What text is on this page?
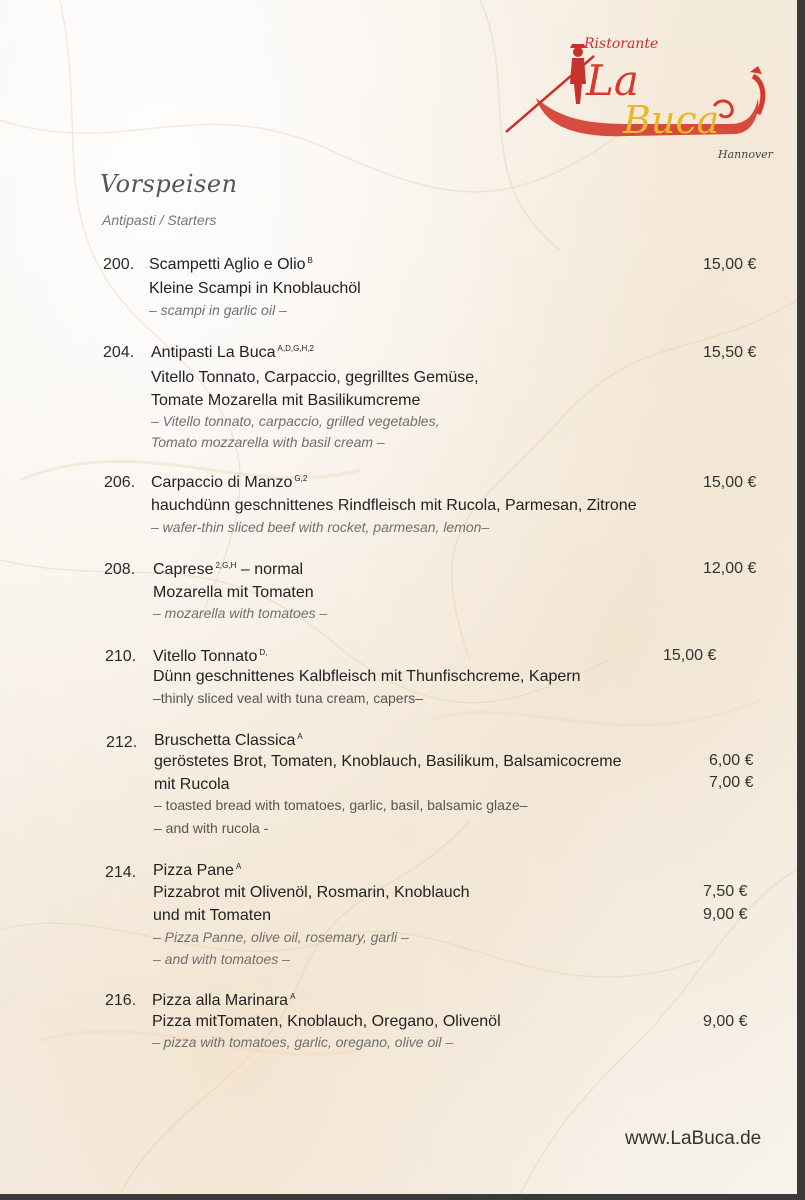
Ristorante
La
Buca
Hannover
Vorspeisen
Antipasti / Starters
200. Scampetti Aglio e Olio $^B$
Kleine Scampi in Knoblauchöl
– scampi in garlic oil –
15,00 €
204. Antipasti La Buca $^{A,D,G,H,2}$
Vitello Tonnato, Carpaccio, gegrilltes Gemüse,
Tomate Mozarella mit Basilikumcreme
– Vitello tonnato, carpaccio, grilled vegetables,
Tomato mozzarella with basil cream –
15,50 €
206. Carpaccio di Manzo $^{G,2}$
hauchdünn geschnittenes Rindfleisch mit Rucola, Parmesan, Zitrone
– wafer-thin sliced beef with rocket, parmesan, lemon–
15,00 €
208. Caprese $^{2,G,H}$ – normal
Mozarella mit Tomaten
– mozarella with tomatoes –
12,00 €
210. Vitello Tonnato $^{D,}$
Dünn geschnittenes Kalbfleisch mit Thunfischcreme, Kapern
–thinly sliced veal with tuna cream, capers–
15,00 €
212. Bruschetta Classica $^A$
geröstetes Brot, Tomaten, Knoblauch, Basilikum, Balsamicocreme
mit Rucola
– toasted bread with tomatoes, garlic, basil, balsamic glaze–
– and with rucola -
6,00 €
7,00 €
214. Pizza Pane $^A$
Pizzabrot mit Olivenöl, Rosmarin, Knoblauch
und mit Tomaten
– Pizza Panne, olive oil, rosemary, garli –
– and with tomatoes –
7,50 €
9,00 €
216. Pizza alla Marinara $^A$
Pizza mitTomaten, Knoblauch, Oregano, Olivenöl
– pizza with tomatoes, garlic, oregano, olive oil –
9,00 €
www.LaBuca.de
